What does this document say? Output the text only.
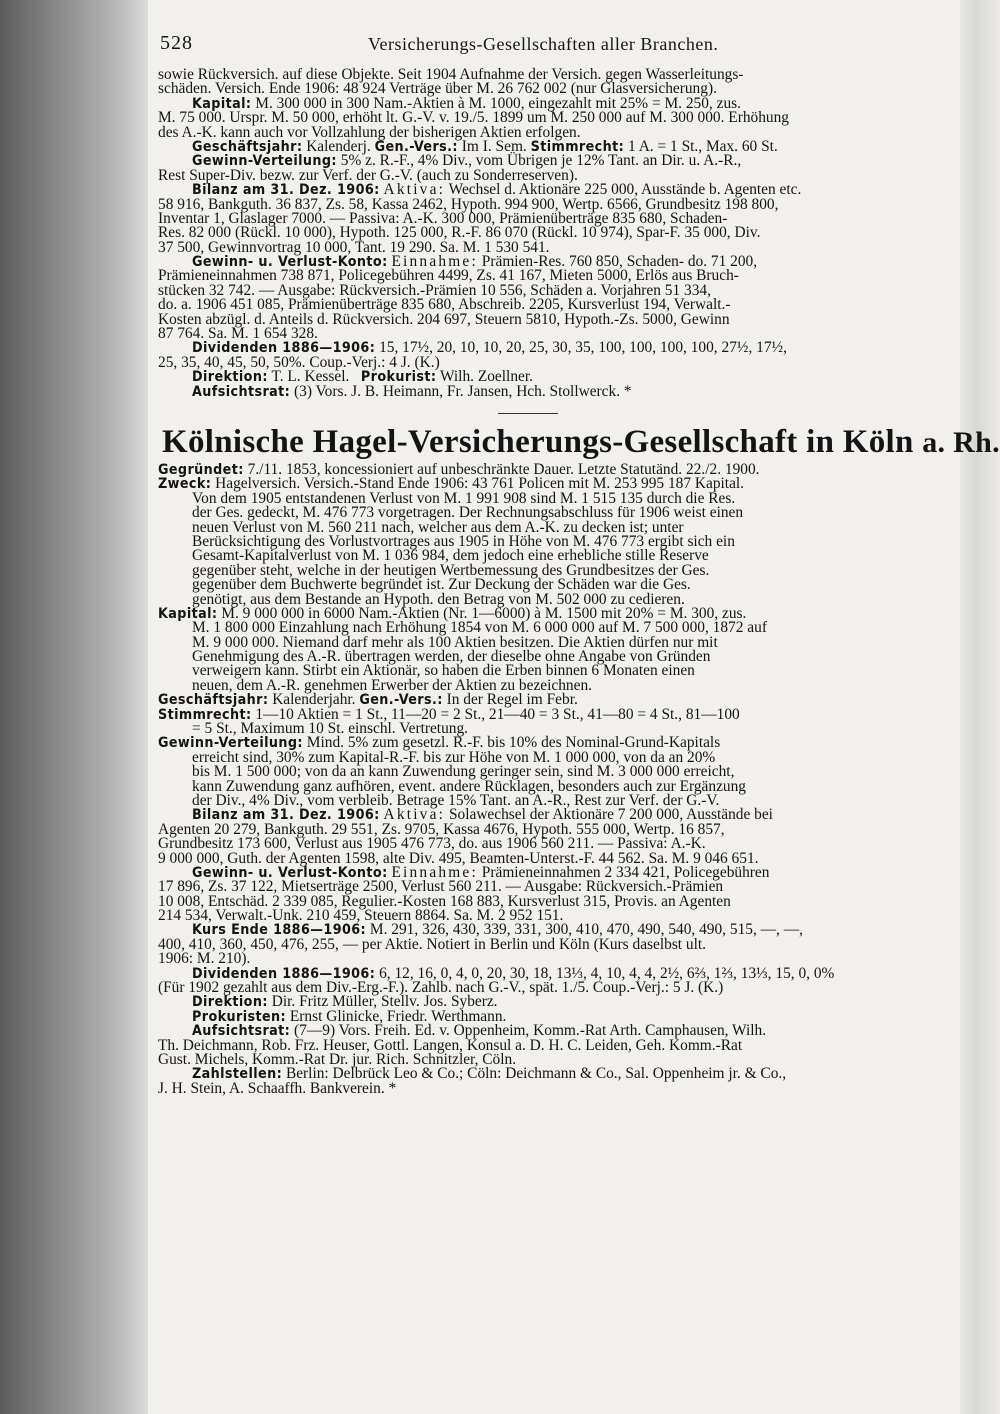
528	Versicherungs-Gesellschaften aller Branchen.
sowie Rückversich. auf diese Objekte. Seit 1904 Aufnahme der Versich. gegen Wasserleitungs-
schäden. Versich. Ende 1906: 48 924 Verträge über M. 26 762 002 (nur Glasversicherung).
Kapital: M. 300 000 in 300 Nam.-Aktien à M. 1000, eingezahlt mit 25% = M. 250, zus.
M. 75 000. Urspr. M. 50 000, erhöht lt. G.-V. v. 19./5. 1899 um M. 250 000 auf M. 300 000. Erhöhung
des A.-K. kann auch vor Vollzahlung der bisherigen Aktien erfolgen.
Geschäftsjahr: Kalenderj. Gen.-Vers.: Im I. Sem. Stimmrecht: 1 A. = 1 St., Max. 60 St.
Gewinn-Verteilung: 5% z. R.-F., 4% Div., vom Übrigen je 12% Tant. an Dir. u. A.-R.,
Rest Super-Div. bezw. zur Verf. der G.-V. (auch zu Sonderreserven).
Bilanz am 31. Dez. 1906: Aktiva: Wechsel d. Aktionäre 225 000, Ausstände b. Agenten etc.
58 916, Bankguth. 36 837, Zs. 58, Kassa 2462, Hypoth. 994 900, Wertp. 6566, Grundbesitz 198 800,
Inventar 1, Glaslager 7000. — Passiva: A.-K. 300 000, Prämienüberträge 835 680, Schaden-
Res. 82 000 (Rückl. 10 000), Hypoth. 125 000, R.-F. 86 070 (Rückl. 10 974), Spar-F. 35 000, Div.
37 500, Gewinnvortrag 10 000, Tant. 19 290. Sa. M. 1 530 541.
Gewinn- u. Verlust-Konto: Einnahme: Prämien-Res. 760 850, Schaden- do. 71 200,
Prämieneinnahmen 738 871, Policegebühren 4499, Zs. 41 167, Mieten 5000, Erlös aus Bruch-
stücken 32 742. — Ausgabe: Rückversich.-Prämien 10 556, Schäden a. Vorjahren 51 334,
do. a. 1906 451 085, Prämienüberträge 835 680, Abschreib. 2205, Kursverlust 194, Verwalt.-
Kosten abzügl. d. Anteils d. Rückversich. 204 697, Steuern 5810, Hypoth.-Zs. 5000, Gewinn
87 764. Sa. M. 1 654 328.
Dividenden 1886—1906: 15, 17½, 20, 10, 10, 20, 25, 30, 35, 100, 100, 100, 100, 27½, 17½,
25, 35, 40, 45, 50, 50%. Coup.-Verj.: 4 J. (K.)
Direktion: T. L. Kessel. Prokurist: Wilh. Zoellner.
Aufsichtsrat: (3) Vors. J. B. Heimann, Fr. Jansen, Hch. Stollwerck. *
Kölnische Hagel-Versicherungs-Gesellschaft in Köln a. Rh.
Gegründet: 7./11. 1853, koncessioniert auf unbeschränkte Dauer. Letzte Statutänd. 22./2. 1900.
Zweck: Hagelversich. Versich.-Stand Ende 1906: 43 761 Policen mit M. 253 995 187 Kapital.
Von dem 1905 entstandenen Verlust von M. 1 991 908 sind M. 1 515 135 durch die Res.
der Ges. gedeckt, M. 476 773 vorgetragen. Der Rechnungsabschluss für 1906 weist einen
neuen Verlust von M. 560 211 nach, welcher aus dem A.-K. zu decken ist; unter
Berücksichtigung des Vorlustvortrages aus 1905 in Höhe von M. 476 773 ergibt sich ein
Gesamt-Kapitalverlust von M. 1 036 984, dem jedoch eine erhebliche stille Reserve
gegenüber steht, welche in der heutigen Wertbemessung des Grundbesitzes der Ges.
gegenüber dem Buchwerte begründet ist. Zur Deckung der Schäden war die Ges.
genötigt, aus dem Bestande an Hypoth. den Betrag von M. 502 000 zu cedieren.
Kapital: M. 9 000 000 in 6000 Nam.-Aktien (Nr. 1—6000) à M. 1500 mit 20% = M. 300, zus.
M. 1 800 000 Einzahlung nach Erhöhung 1854 von M. 6 000 000 auf M. 7 500 000, 1872 auf
M. 9 000 000. Niemand darf mehr als 100 Aktien besitzen. Die Aktien dürfen nur mit
Genehmigung des A.-R. übertragen werden, der dieselbe ohne Angabe von Gründen
verweigern kann. Stirbt ein Aktionär, so haben die Erben binnen 6 Monaten einen
neuen, dem A.-R. genehmen Erwerber der Aktien zu bezeichnen.
Geschäftsjahr: Kalenderjahr. Gen.-Vers.: In der Regel im Febr.
Stimmrecht: 1—10 Aktien = 1 St., 11—20 = 2 St., 21—40 = 3 St., 41—80 = 4 St., 81—100
= 5 St., Maximum 10 St. einschl. Vertretung.
Gewinn-Verteilung: Mind. 5% zum gesetzl. R.-F. bis 10% des Nominal-Grund-Kapitals
erreicht sind, 30% zum Kapital-R.-F. bis zur Höhe von M. 1 000 000, von da an 20%
bis M. 1 500 000; von da an kann Zuwendung geringer sein, sind M. 3 000 000 erreicht,
kann Zuwendung ganz aufhören, event. andere Rücklagen, besonders auch zur Ergänzung
der Div., 4% Div., vom verbleib. Betrage 15% Tant. an A.-R., Rest zur Verf. der G.-V.
Bilanz am 31. Dez. 1906: Aktiva: Solawechsel der Aktionäre 7 200 000, Ausstände bei
Agenten 20 279, Bankguth. 29 551, Zs. 9705, Kassa 4676, Hypoth. 555 000, Wertp. 16 857,
Grundbesitz 173 600, Verlust aus 1905 476 773, do. aus 1906 560 211. — Passiva: A.-K.
9 000 000, Guth. der Agenten 1598, alte Div. 495, Beamten-Unterst.-F. 44 562. Sa. M. 9 046 651.
Gewinn- u. Verlust-Konto: Einnahme: Prämieneinnahmen 2 334 421, Policegebühren
17 896, Zs. 37 122, Mietserträge 2500, Verlust 560 211. — Ausgabe: Rückversich.-Prämien
10 008, Entschäd. 2 339 085, Regulier.-Kosten 168 883, Kursverlust 315, Provis. an Agenten
214 534, Verwalt.-Unk. 210 459, Steuern 8864. Sa. M. 2 952 151.
Kurs Ende 1886—1906: M. 291, 326, 430, 339, 331, 300, 410, 470, 490, 540, 490, 515, —, —,
400, 410, 360, 450, 476, 255, — per Aktie. Notiert in Berlin und Köln (Kurs daselbst ult.
1906: M. 210).
Dividenden 1886—1906: 6, 12, 16, 0, 4, 0, 20, 30, 18, 13⅓, 4, 10, 4, 4, 2½, 6⅔, 1⅔, 13⅓, 15, 0, 0%
(Für 1902 gezahlt aus dem Div.-Erg.-F.). Zahlb. nach G.-V., spät. 1./5. Coup.-Verj.: 5 J. (K.)
Direktion: Dir. Fritz Müller, Stellv. Jos. Syberz.
Prokuristen: Ernst Glinicke, Friedr. Werthmann.
Aufsichtsrat: (7—9) Vors. Freih. Ed. v. Oppenheim, Komm.-Rat Arth. Camphausen, Wilh.
Th. Deichmann, Rob. Frz. Heuser, Gottl. Langen, Konsul a. D. H. C. Leiden, Geh. Komm.-Rat
Gust. Michels, Komm.-Rat Dr. jur. Rich. Schnitzler, Cöln.
Zahlstellen: Berlin: Delbrück Leo & Co.; Cöln: Deichmann & Co., Sal. Oppenheim jr. & Co.,
J. H. Stein, A. Schaaffh. Bankverein. *
